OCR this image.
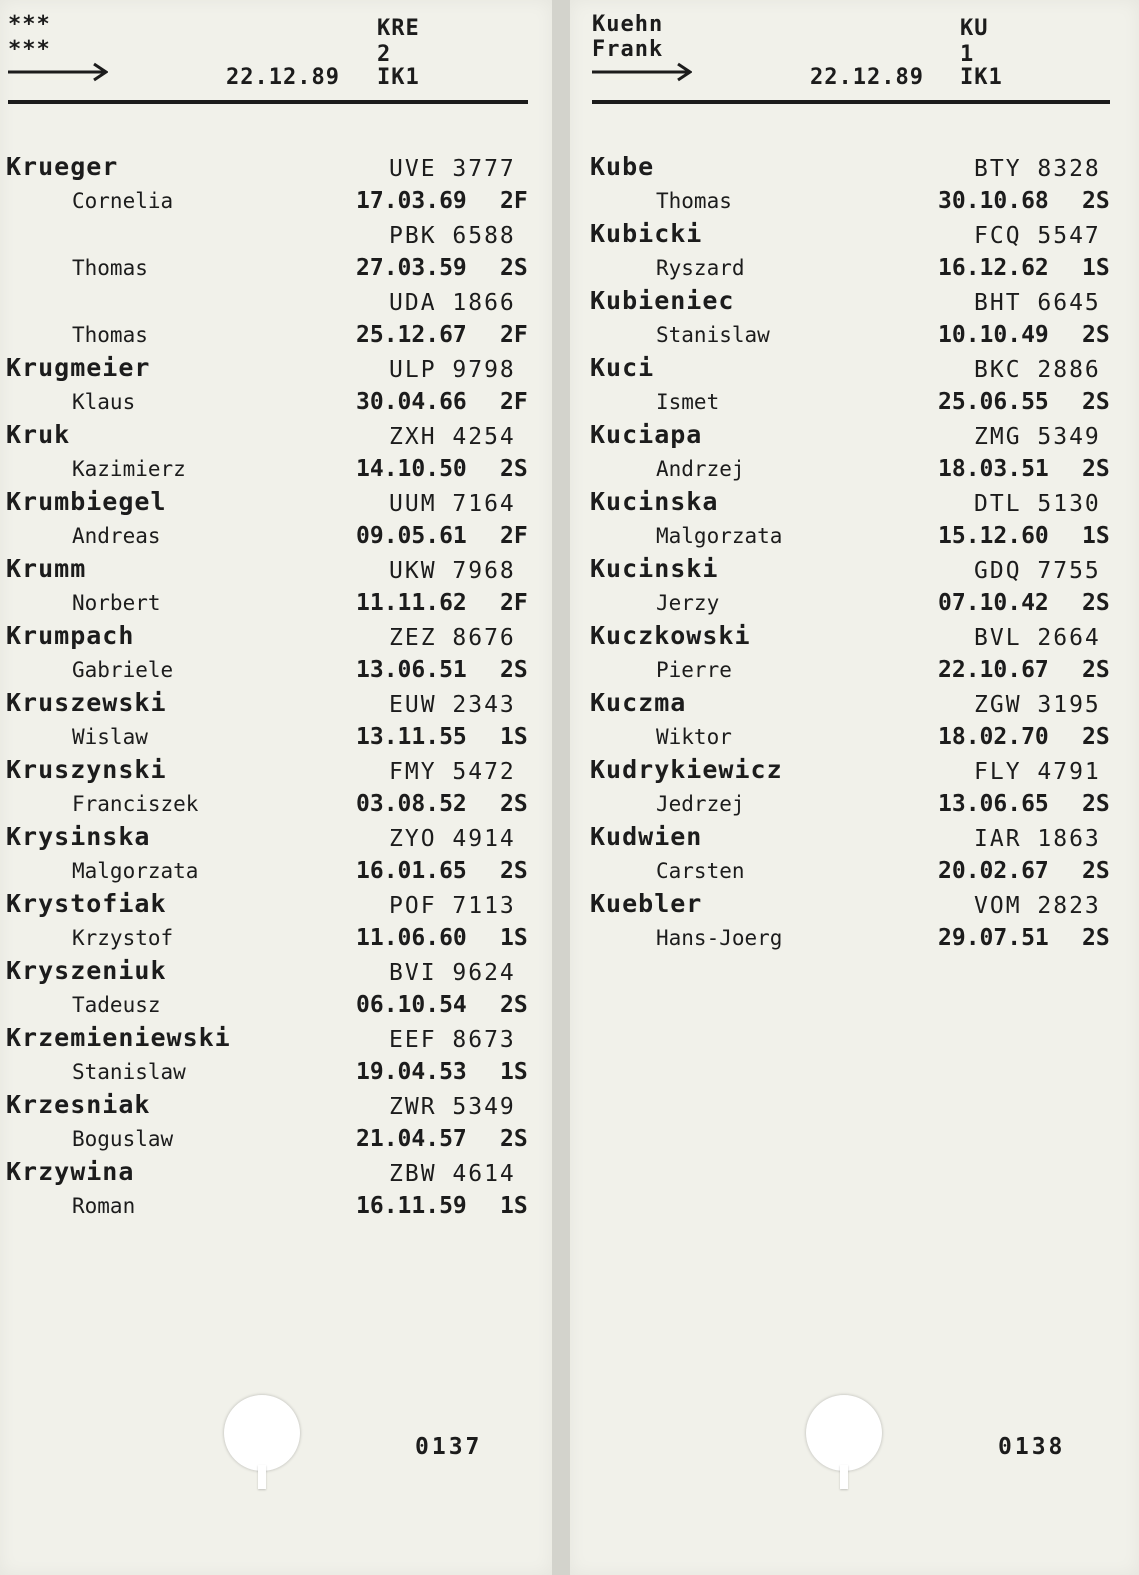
***
***
KRE
2
22.12.89 IK1
Krueger
Cornelia
UVE 3777
17.03.69 2F
Thomas
PBK 6588
27.03.59 2S
Thomas
UDA 1866
25.12.67 2F
Krugmeier
Klaus
ULP 9798
30.04.66 2F
Kruk
Kazimierz
ZXH 4254
14.10.50 2S
Krumbiegel
Andreas
UUM 7164
09.05.61 2F
Krumm
Norbert
UKW 7968
11.11.62 2F
Krumpach
Gabriele
ZEZ 8676
13.06.51 2S
Kruszewski
Wislaw
EUW 2343
13.11.55 1S
Kruszynski
Franciszek
FMY 5472
03.08.52 2S
Krysinska
Malgorzata
ZYO 4914
16.01.65 2S
Krystofiak
Krzystof
POF 7113
11.06.60 1S
Kryszeniuk
Tadeusz
BVI 9624
06.10.54 2S
Krzemieniewski
Stanislaw
EEF 8673
19.04.53 1S
Krzesniak
Boguslaw
ZWR 5349
21.04.57 2S
Krzywina
Roman
ZBW 4614
16.11.59 1S
0137
Kuehn
Frank
KU
1
22.12.89 IK1
Kube
Thomas
BTY 8328
30.10.68 2S
Kubicki
Ryszard
FCQ 5547
16.12.62 1S
Kubieniec
Stanislaw
BHT 6645
10.10.49 2S
Kuci
Ismet
BKC 2886
25.06.55 2S
Kuciapa
Andrzej
ZMG 5349
18.03.51 2S
Kucinska
Malgorzata
DTL 5130
15.12.60 1S
Kucinski
Jerzy
GDQ 7755
07.10.42 2S
Kuczkowski
Pierre
BVL 2664
22.10.67 2S
Kuczma
Wiktor
ZGW 3195
18.02.70 2S
Kudrykiewicz
Jedrzej
FLY 4791
13.06.65 2S
Kudwien
Carsten
IAR 1863
20.02.67 2S
Kuebler
Hans-Joerg
VOM 2823
29.07.51 2S
0138
